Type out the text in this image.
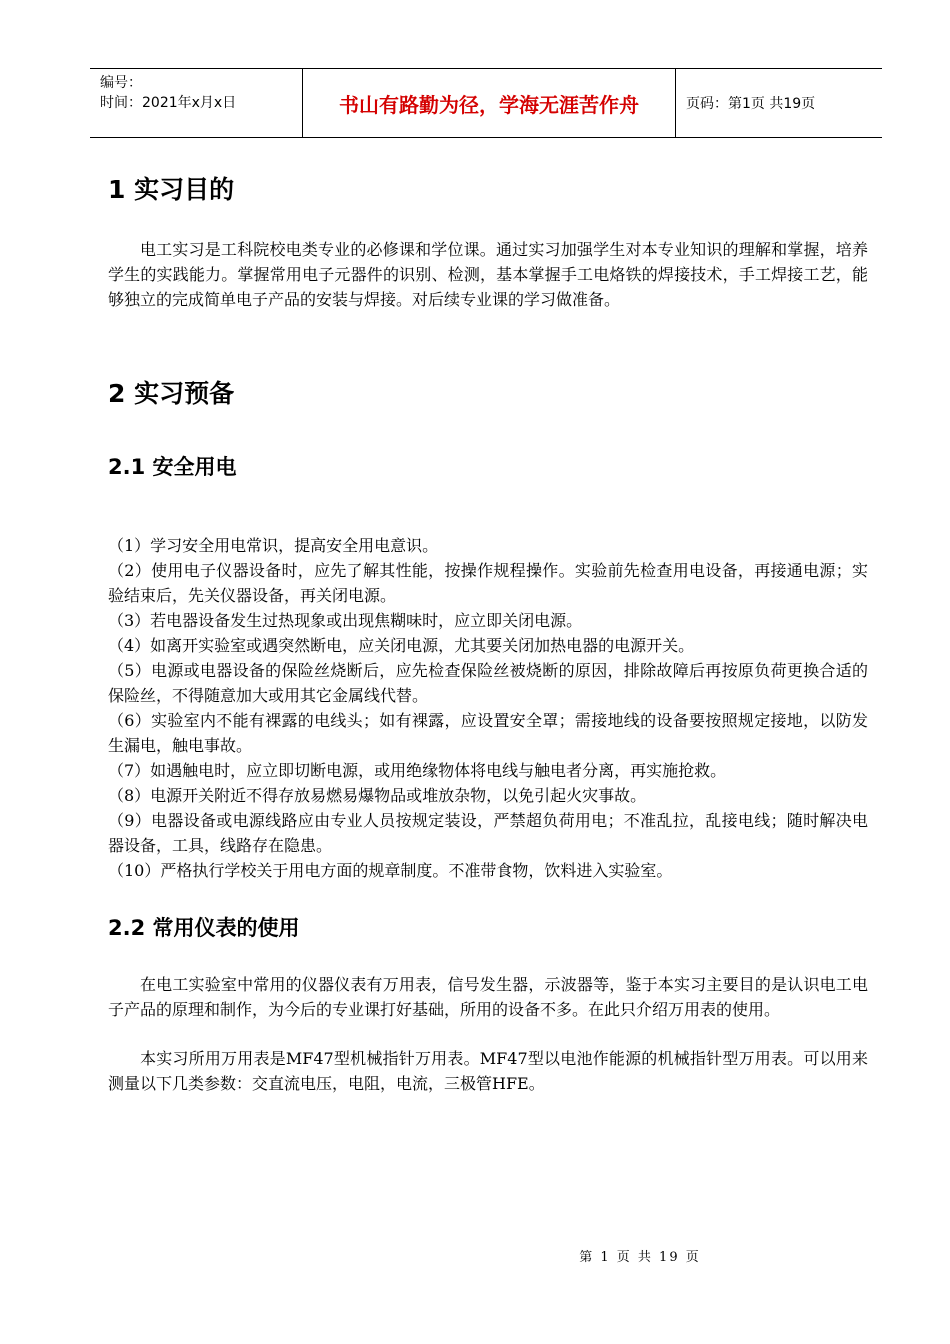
编号：
时间：2021年x月x日	书山有路勤为径，学海无涯苦作舟	页码：第1页 共19页
1 实习目的

电工实习是工科院校电类专业的必修课和学位课。通过实习加强学生对本专业知识的理解和掌握，培养学生的实践能力。掌握常用电子元器件的识别、检测，基本掌握手工电烙铁的焊接技术，手工焊接工艺，能够独立的完成简单电子产品的安装与焊接。对后续专业课的学习做准备。

2 实习预备
2.1 安全用电
（1）学习安全用电常识，提高安全用电意识。
（2）使用电子仪器设备时，应先了解其性能，按操作规程操作。实验前先检查用电设备，再接通电源；实验结束后，先关仪器设备，再关闭电源。
（3）若电器设备发生过热现象或出现焦糊味时，应立即关闭电源。
（4）如离开实验室或遇突然断电，应关闭电源，尤其要关闭加热电器的电源开关。
（5）电源或电器设备的保险丝烧断后，应先检查保险丝被烧断的原因，排除故障后再按原负荷更换合适的保险丝，不得随意加大或用其它金属线代替。
（6）实验室内不能有裸露的电线头；如有裸露，应设置安全罩；需接地线的设备要按照规定接地，以防发生漏电，触电事故。
（7）如遇触电时，应立即切断电源，或用绝缘物体将电线与触电者分离，再实施抢救。
（8）电源开关附近不得存放易燃易爆物品或堆放杂物，以免引起火灾事故。
（9）电器设备或电源线路应由专业人员按规定装设，严禁超负荷用电；不准乱拉，乱接电线；随时解决电器设备，工具，线路存在隐患。
（10）严格执行学校关于用电方面的规章制度。不准带食物，饮料进入实验室。
2.2 常用仪表的使用

在电工实验室中常用的仪器仪表有万用表，信号发生器，示波器等，鉴于本实习主要目的是认识电工电子产品的原理和制作，为今后的专业课打好基础，所用的设备不多。在此只介绍万用表的使用。

本实习所用万用表是MF47型机械指针万用表。MF47型以电池作能源的机械指针型万用表。可以用来测量以下几类参数：交直流电压，电阻，电流，三极管HFE。

第 1 页 共 19 页
